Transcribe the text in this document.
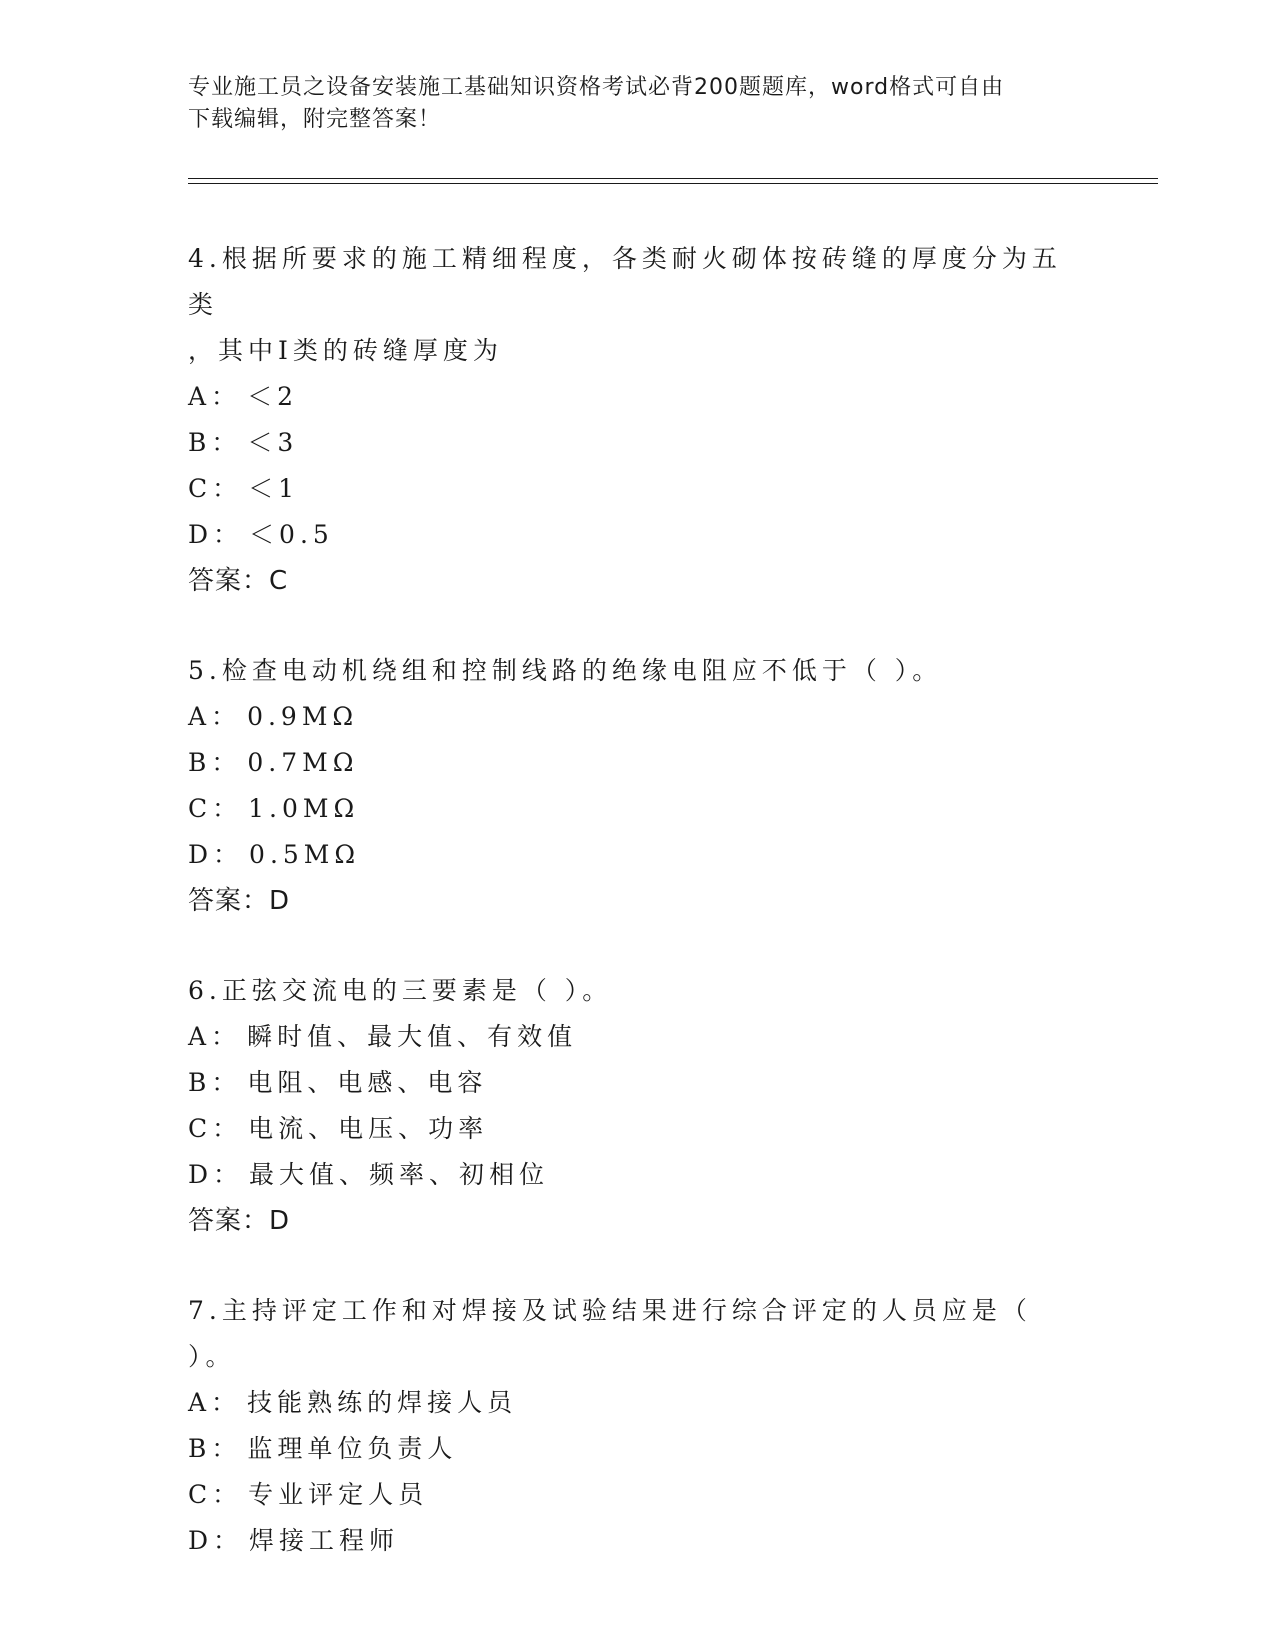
专业施工员之设备安装施工基础知识资格考试必背200题题库，word格式可自由
下载编辑，附完整答案！
4.根据所要求的施工精细程度，各类耐火砌体按砖缝的厚度分为五类
，其中Ⅰ类的砖缝厚度为
A： ＜2
B： ＜3
C： ＜1
D： ＜0.5
答案：C
5.检查电动机绕组和控制线路的绝缘电阻应不低于（ ）。
A： 0.9MΩ
B： 0.7MΩ
C： 1.0MΩ
D： 0.5MΩ
答案：D
6.正弦交流电的三要素是（ ）。
A： 瞬时值、最大值、有效值
B： 电阻、电感、电容
C： 电流、电压、功率
D： 最大值、频率、初相位
答案：D
7.主持评定工作和对焊接及试验结果进行综合评定的人员应是（ ）。
A： 技能熟练的焊接人员
B： 监理单位负责人
C： 专业评定人员
D： 焊接工程师
